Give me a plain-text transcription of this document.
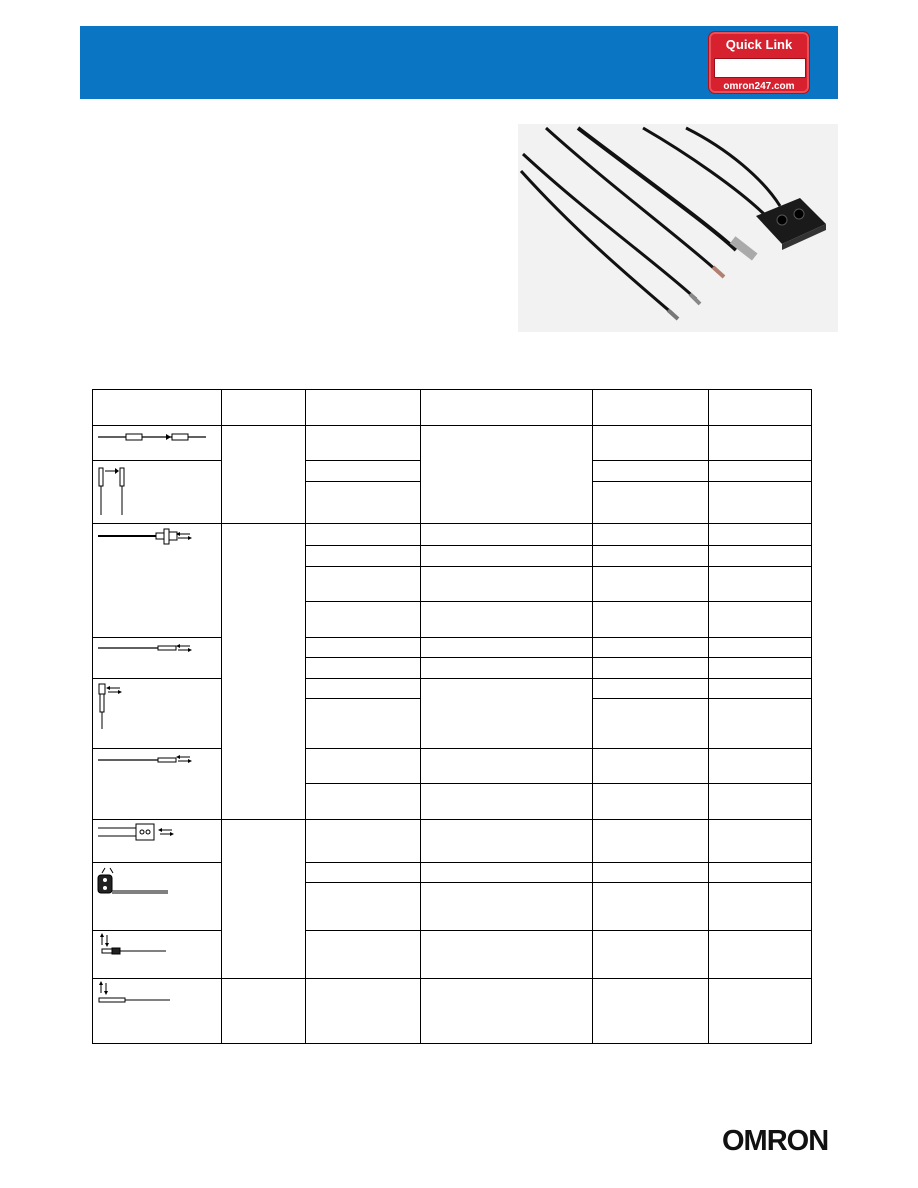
Quick Link
omron247.com
OMRON
